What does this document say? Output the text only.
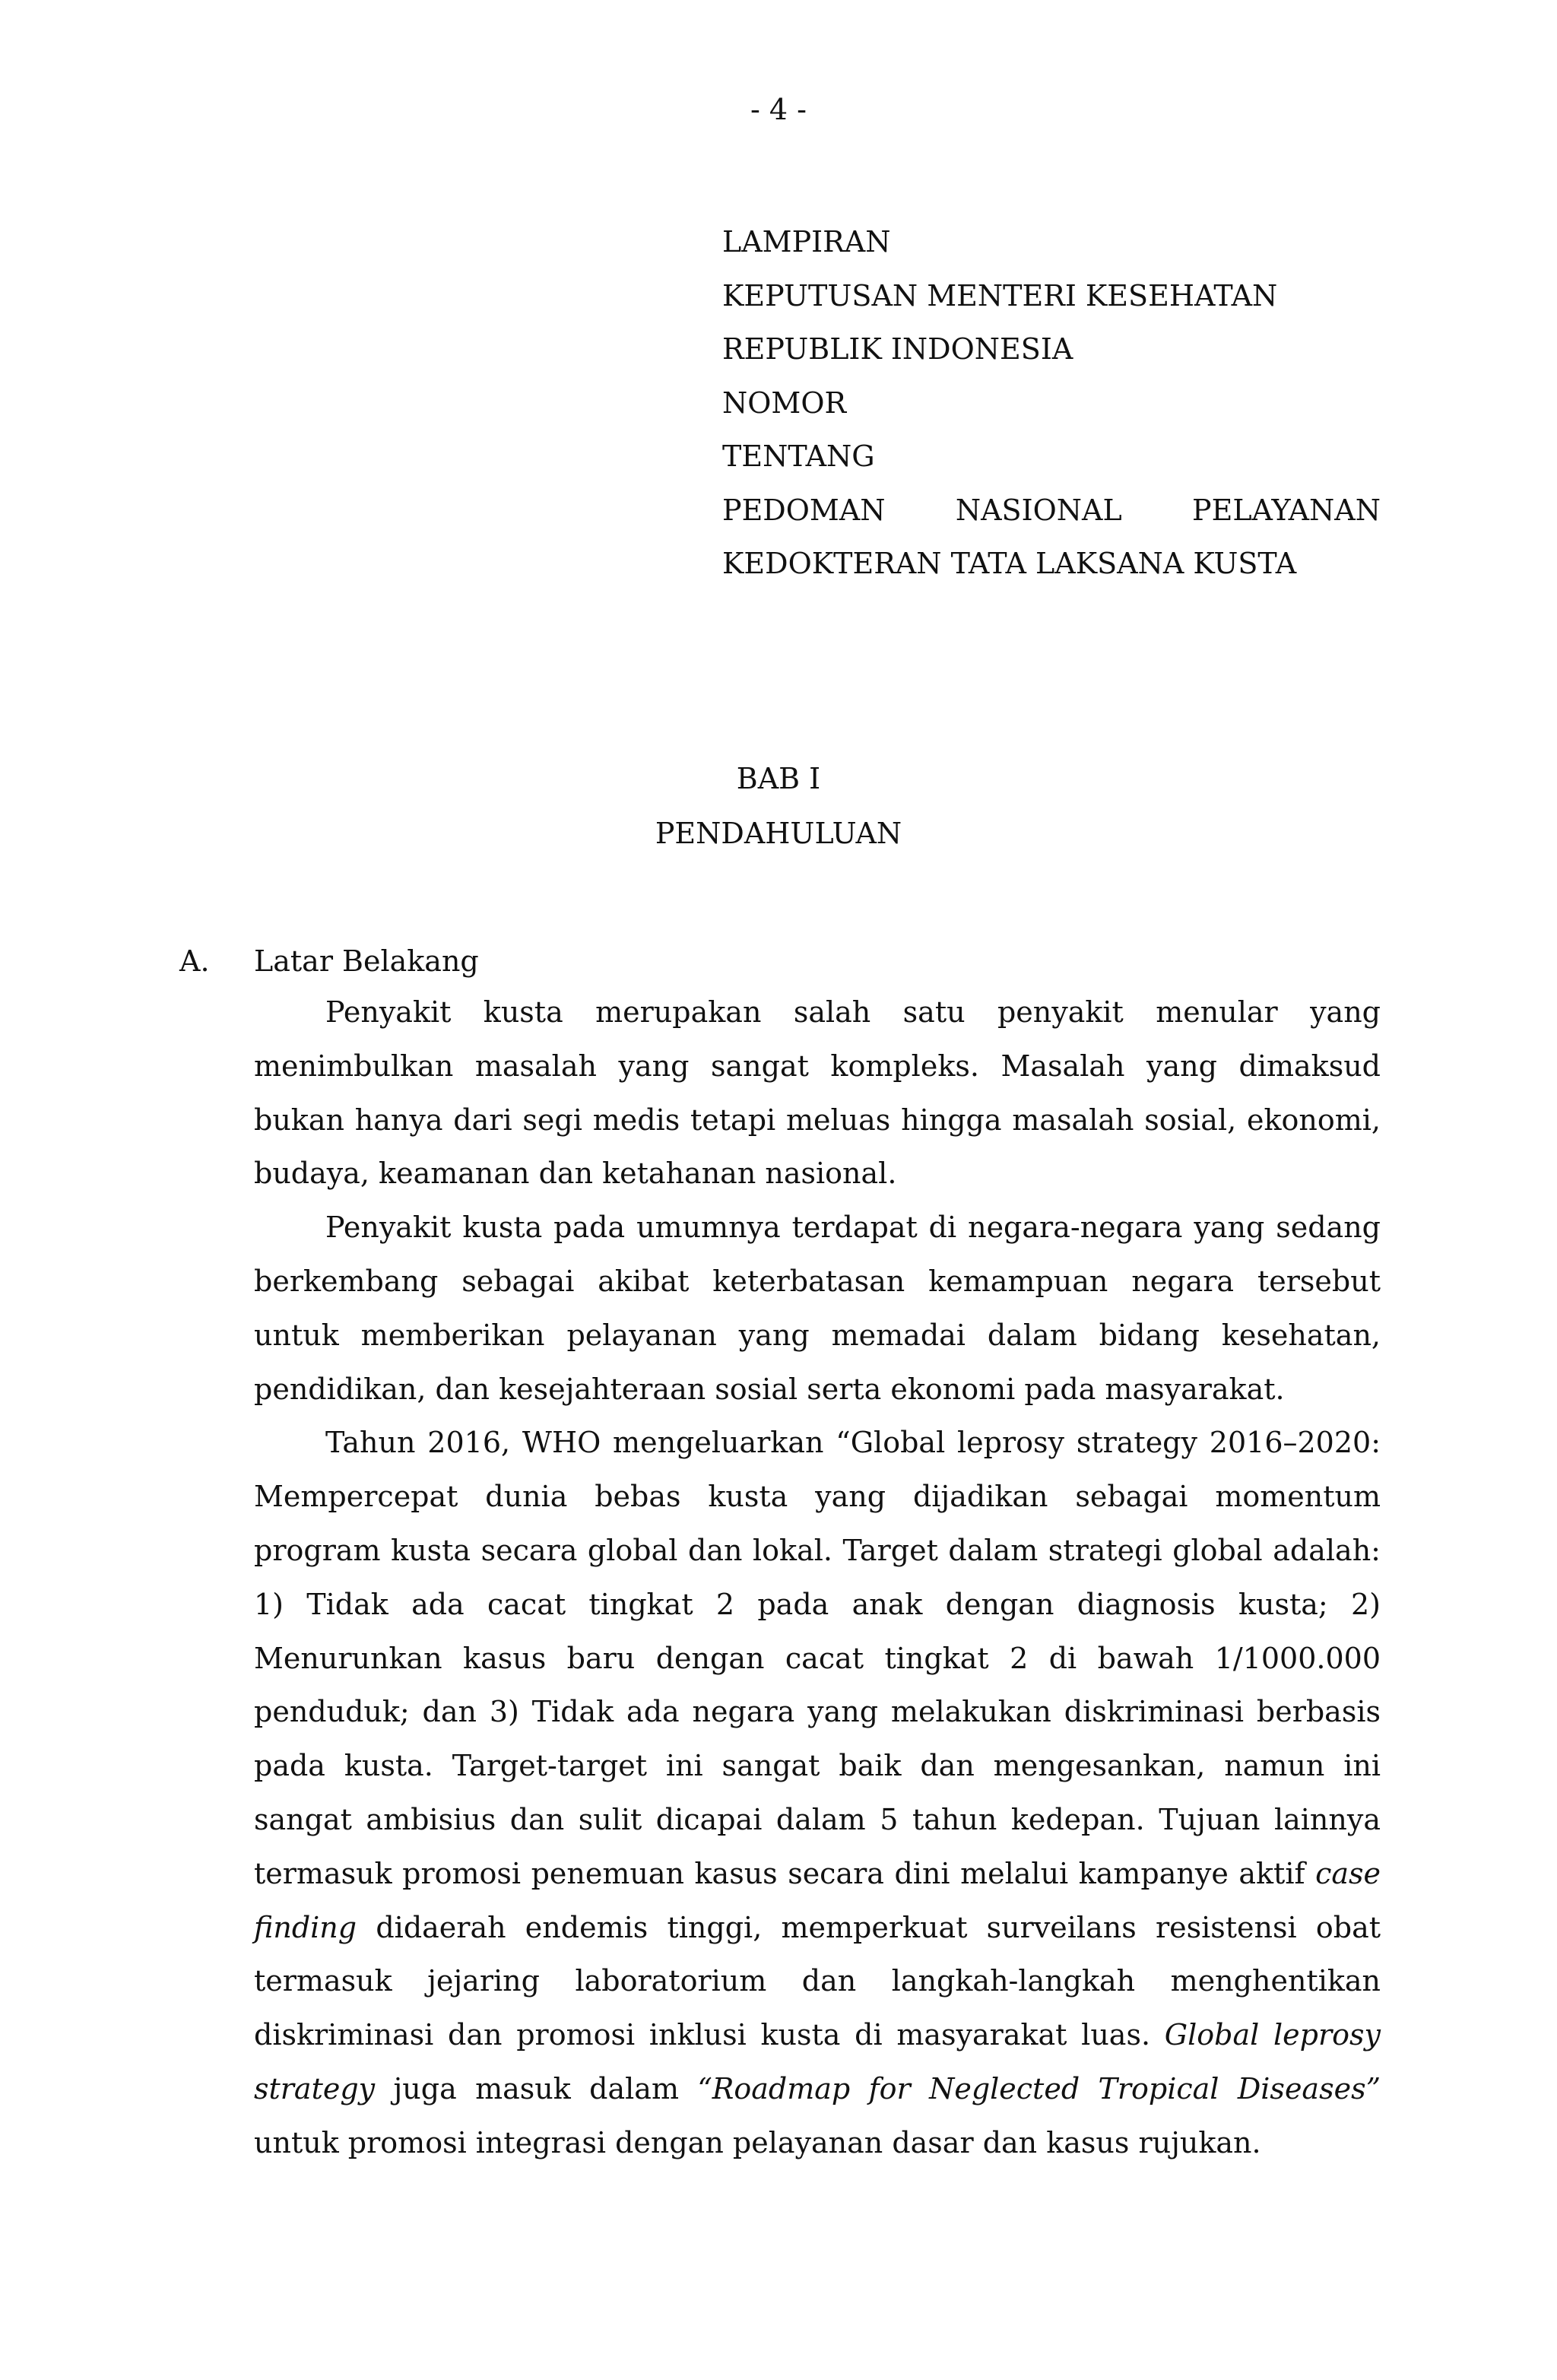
- 4 -
LAMPIRAN
KEPUTUSAN MENTERI KESEHATAN
REPUBLIK INDONESIA
NOMOR
TENTANG
PEDOMAN NASIONAL PELAYANAN
KEDOKTERAN TATA LAKSANA KUSTA
BAB I
PENDAHULUAN
A. Latar Belakang

Penyakit kusta merupakan salah satu penyakit menular yang menimbulkan masalah yang sangat kompleks. Masalah yang dimaksud bukan hanya dari segi medis tetapi meluas hingga masalah sosial, ekonomi, budaya, keamanan dan ketahanan nasional.

Penyakit kusta pada umumnya terdapat di negara-negara yang sedang berkembang sebagai akibat keterbatasan kemampuan negara tersebut untuk memberikan pelayanan yang memadai dalam bidang kesehatan, pendidikan, dan kesejahteraan sosial serta ekonomi pada masyarakat.

Tahun 2016, WHO mengeluarkan “Global leprosy strategy 2016–2020: Mempercepat dunia bebas kusta yang dijadikan sebagai momentum program kusta secara global dan lokal. Target dalam strategi global adalah: 1) Tidak ada cacat tingkat 2 pada anak dengan diagnosis kusta; 2) Menurunkan kasus baru dengan cacat tingkat 2 di bawah 1/1000.000 penduduk; dan 3) Tidak ada negara yang melakukan diskriminasi berbasis pada kusta. Target-target ini sangat baik dan mengesankan, namun ini sangat ambisius dan sulit dicapai dalam 5 tahun kedepan. Tujuan lainnya termasuk promosi penemuan kasus secara dini melalui kampanye aktif case finding didaerah endemis tinggi, memperkuat surveilans resistensi obat termasuk jejaring laboratorium dan langkah-langkah menghentikan diskriminasi dan promosi inklusi kusta di masyarakat luas. Global leprosy strategy juga masuk dalam “Roadmap for Neglected Tropical Diseases” untuk promosi integrasi dengan pelayanan dasar dan kasus rujukan.
